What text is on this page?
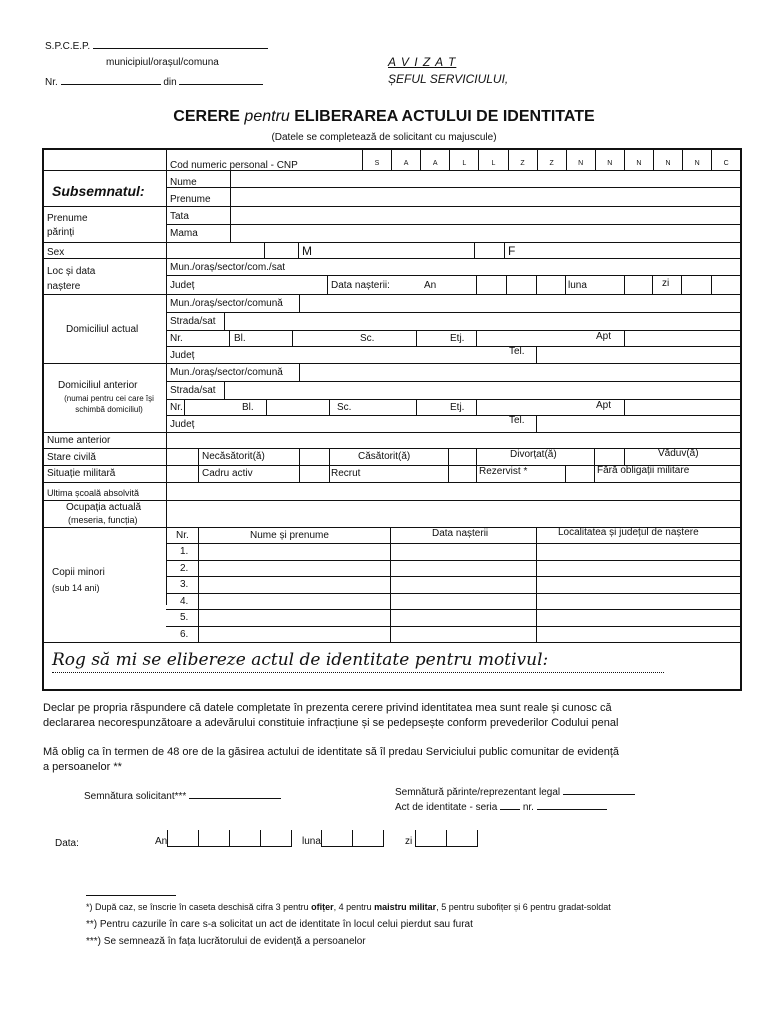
S.P.C.E.P.
municipiul/orașul/comuna
Nr.	din
A V I Z A T
ȘEFUL SERVICIULUI,
CERERE pentru ELIBERAREA ACTULUI DE IDENTITATE
(Datele se completează de solicitant cu majuscule)
Cod numeric personal - CNP	S	A	A	L	L	Z	Z	N	N	N	N	N	C
Subsemnatul:
Nume
Prenume
Prenume părinți
Tata
Mama
Sex	M	F
Loc și data naștere
Mun./oraș/sector/com./sat
Județ	Data nașterii:	An	luna	zi
Domiciliul actual
Mun./oraș/sector/comună
Strada/sat
Nr.	Bl.	Sc.	Etj.	Apt
Județ	Tel.
Domiciliul anterior
(numai pentru cei care își schimbă domiciliul)
Mun./oraș/sector/comună
Strada/sat
Nr.	Bl.	Sc.	Etj.	Apt
Județ	Tel.
Nume anterior
Stare civilă	Necăsătorit(ă)	Căsătorit(ă)	Divorțat(ă)	Văduv(ă)
Situație militară	Cadru activ	Recrut	Rezervist *	Fără obligații militare
Ultima școală absolvită
Ocupația actuală
(meseria, funcția)
Copii minori
(sub 14 ani)
Nr.	Nume și prenume	Data nașterii	Localitatea și județul de naștere
1.
2.
3.
4.
5.
6.
Rog să mi se elibereze actul de identitate pentru motivul:
Declar pe propria răspundere că datele completate în prezenta cerere privind identitatea mea sunt reale și cunosc că
declararea necorespunzătoare a adevărului constituie infracțiune și se pedepsește conform prevederilor Codului penal
Mă oblig ca în termen de 48 ore de la găsirea actului de identitate să îl predau Serviciului public comunitar de evidență
a persoanelor **
Semnătura solicitant***	Semnătură părinte/reprezentant legal
Act de identitate - seria	nr.
Data:	An	luna	zi
*) După caz, se înscrie în caseta deschisă cifra 3 pentru ofițer, 4 pentru maistru militar, 5 pentru subofițer și 6 pentru gradat-soldat
**) Pentru cazurile în care s-a solicitat un act de identitate în locul celui pierdut sau furat
***) Se semnează în fața lucrătorului de evidență a persoanelor
